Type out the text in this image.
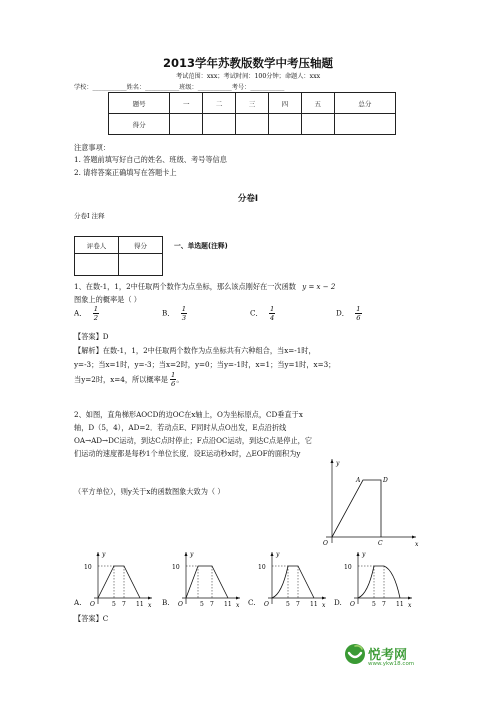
2013学年苏教版数学中考压轴题
考试范围：xxx；考试时间：100分钟；命题人：xxx
学校：___________姓名：___________班级：___________考号：___________
题号	一	二	三	四	五	总分
得分						
注意事项：
1. 答题前填写好自己的姓名、班级、考号等信息
2. 请将答案正确填写在答题卡上
分卷I
分卷I 注释
评卷人	得分
		一、单选题(注释)
1、在数-1，1，2中任取两个数作为点坐标，那么该点刚好在一次函数 y = x − 2
图象上的概率是（ ）
A． $\frac{1}{2}$	B． $\frac{1}{3}$	C． $\frac{1}{4}$	D． $\frac{1}{6}$
【答案】D
【解析】在数-1，1，2中任取两个数作为点坐标共有六种组合，当x=-1时，
y=-3；当x=1时，y=-3；当x=2时，y=0；当y=-1时，x=1；当y=1时，x=3；
当y=2时，x=4，所以概率是 $\frac{1}{6}$ 。
2、如图，直角梯形AOCD的边OC在x轴上，O为坐标原点，CD垂直于x
轴，D（5，4），AD=2．若动点E、F同时从点O出发，E点沿折线
OA→AD→DC运动，到达C点时停止；F点沿OC运动，到达C点是停止，它
们运动的速度都是每秒1个单位长度．设E运动秒x时，△EOF的面积为y
（平方单位），则y关于x的函数图象大致为（ ）
y
x
A	D
O	C
y
10
O	5 7 11 x
A.
y
10
O	5 7 11 x
B.
y
10
O	5 7 11 x
C.
y
10
O	5 7 11 x
D.
【答案】C
悦考网
www.ykw18.com
